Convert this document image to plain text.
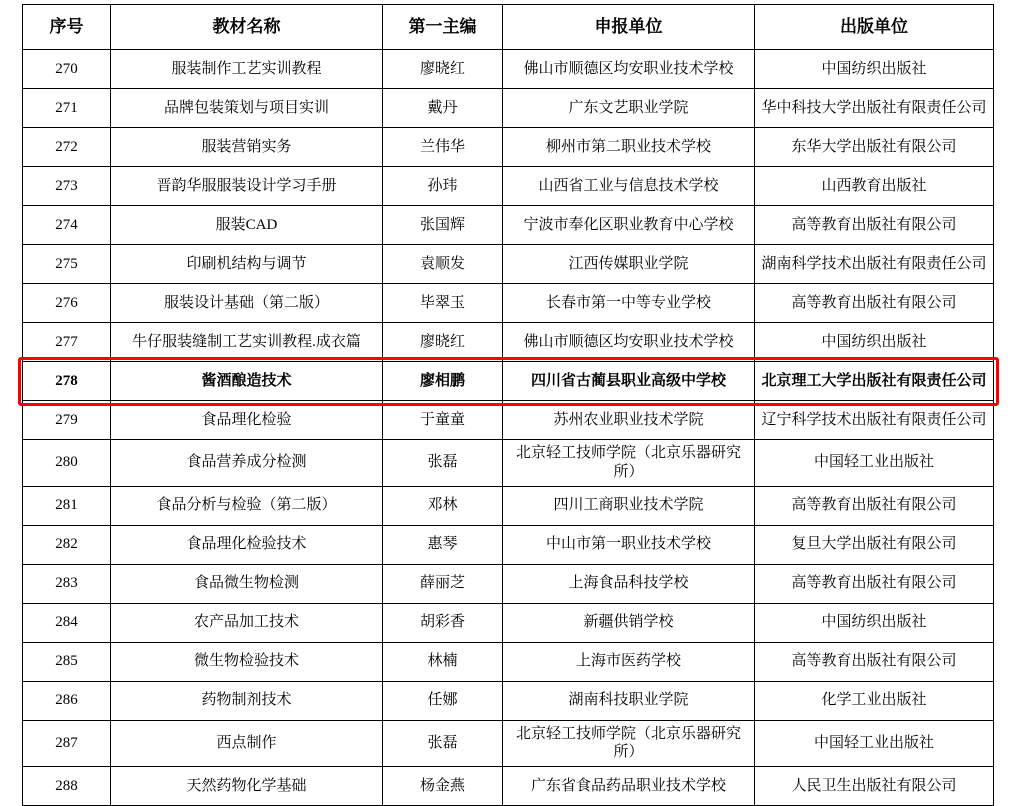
序号	教材名称	第一主编	申报单位	出版单位
270	服装制作工艺实训教程	廖晓红	佛山市顺德区均安职业技术学校	中国纺织出版社
271	品牌包装策划与项目实训	戴丹	广东文艺职业学院	华中科技大学出版社有限责任公司
272	服装营销实务	兰伟华	柳州市第二职业技术学校	东华大学出版社有限公司
273	晋韵华服服装设计学习手册	孙玮	山西省工业与信息技术学校	山西教育出版社
274	服装CAD	张国辉	宁波市奉化区职业教育中心学校	高等教育出版社有限公司
275	印刷机结构与调节	袁顺发	江西传媒职业学院	湖南科学技术出版社有限责任公司
276	服装设计基础（第二版）	毕翠玉	长春市第一中等专业学校	高等教育出版社有限公司
277	牛仔服装缝制工艺实训教程.成衣篇	廖晓红	佛山市顺德区均安职业技术学校	中国纺织出版社
278	酱酒酿造技术	廖相鹏	四川省古蔺县职业高级中学校	北京理工大学出版社有限责任公司
279	食品理化检验	于童童	苏州农业职业技术学院	辽宁科学技术出版社有限责任公司
280	食品营养成分检测	张磊	北京轻工技师学院（北京乐器研究所）	中国轻工业出版社
281	食品分析与检验（第二版）	邓林	四川工商职业技术学院	高等教育出版社有限公司
282	食品理化检验技术	惠琴	中山市第一职业技术学校	复旦大学出版社有限公司
283	食品微生物检测	薛丽芝	上海食品科技学校	高等教育出版社有限公司
284	农产品加工技术	胡彩香	新疆供销学校	中国纺织出版社
285	微生物检验技术	林楠	上海市医药学校	高等教育出版社有限公司
286	药物制剂技术	任娜	湖南科技职业学院	化学工业出版社
287	西点制作	张磊	北京轻工技师学院（北京乐器研究所）	中国轻工业出版社
288	天然药物化学基础	杨金燕	广东省食品药品职业技术学校	人民卫生出版社有限公司
